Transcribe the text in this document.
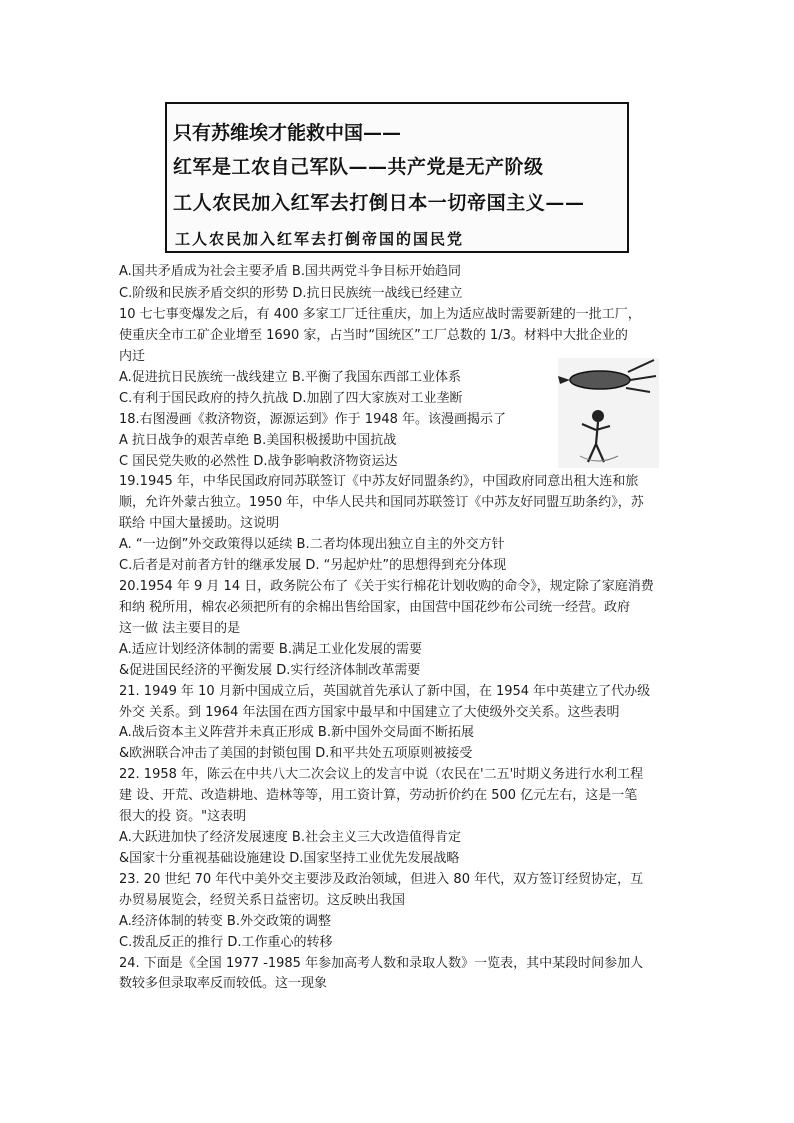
只有苏维埃才能救中国——
红军是工农自己军队——共产党是无产阶级
工人农民加入红军去打倒日本一切帝国主义——
工人农民加入红军去打倒帝国的国民党
A.国共矛盾成为社会主要矛盾 B.国共两党斗争目标开始趋同
C.阶级和民族矛盾交织的形势 D.抗日民族统一战线已经建立
10 七七事变爆发之后，有 400 多家工厂迁往重庆，加上为适应战时需要新建的一批工厂，
使重庆全市工矿企业增至 1690 家，占当时“国统区”工厂总数的 1/3。材料中大批企业的
内迁
A.促进抗日民族统一战线建立 B.平衡了我国东西部工业体系
C.有利于国民政府的持久抗战 D.加剧了四大家族对工业垄断
18.右图漫画《救济物资，源源运到》作于 1948 年。该漫画揭示了
A 抗日战争的艰苦卓绝 B.美国积极援助中国抗战
C 国民党失败的必然性 D.战争影响救济物资运达
19.1945 年，中华民国政府同苏联签订《中苏友好同盟条约》，中国政府同意出租大连和旅
顺，允许外蒙古独立。1950 年，中华人民共和国同苏联签订《中苏友好同盟互助条约》，苏
联给 中国大量援助。这说明
A. “一边倒”外交政策得以延续 B.二者均体现出独立自主的外交方针
C.后者是对前者方针的继承发展 D. “另起炉灶”的思想得到充分体现
20.1954 年 9 月 14 日，政务院公布了《关于实行棉花计划收购的命令》，规定除了家庭消费
和纳 税所用，棉农必须把所有的余棉出售给国家，由国营中国花纱布公司统一经营。政府
这一做 法主要目的是
A.适应计划经济体制的需要 B.满足工业化发展的需要
&促进国民经济的平衡发展 D.实行经济体制改革需要
21. 1949 年 10 月新中国成立后，英国就首先承认了新中国，在 1954 年中英建立了代办级
外交 关系。到 1964 年法国在西方国家中最早和中国建立了大使级外交关系。这些表明
A.战后资本主义阵营并未真正形成 B.新中国外交局面不断拓展
&欧洲联合冲击了美国的封锁包围 D.和平共处五项原则被接受
22. 1958 年，陈云在中共八大二次会议上的发言中说（农民在'二五'时期义务进行水利工程
建 设、开荒、改造耕地、造林等等，用工资计算，劳动折价约在 500 亿元左右，这是一笔
很大的投 资。"这表明
A.大跃进加快了经济发展速度 B.社会主义三大改造值得肯定
&国家十分重视基础设施建设 D.国家坚持工业优先发展战略
23. 20 世纪 70 年代中美外交主要涉及政治领域，但进入 80 年代，双方签订经贸协定，互
办贸易展览会，经贸关系日益密切。这反映出我国
A.经济体制的转变 B.外交政策的调整
C.拨乱反正的推行 D.工作重心的转移
24. 下面是《全国 1977 -1985 年参加高考人数和录取人数》一览表，其中某段时间参加人
数较多但录取率反而较低。这一现象
